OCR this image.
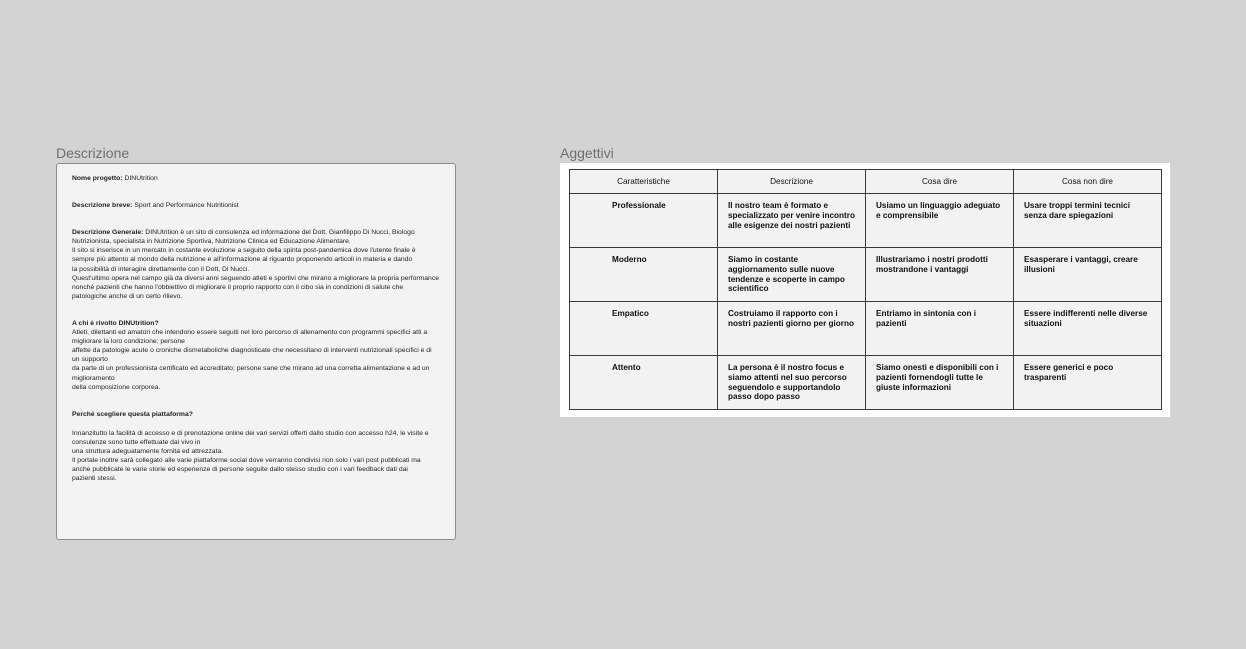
Descrizione	Aggettivi

Nome progetto: DINUtrition

Descrizione breve: Sport and Performance Nutritionist

Descrizione Generale: DINUtrition è un sito di consulenza ed informazione del Dott. Gianfilippo Di Nucci, Biologo Nutrizionista, specialista in Nutrizione Sportiva, Nutrizione Clinica ed Educazione Alimentare.

Il sito si inserisce in un mercato in costante evoluzione a seguito della spinta post-pandemica dove l'utente finale è sempre più attento al mondo della nutrizione e all'informazione al riguardo proponendo articoli in materia e dando

la possibilità di interagire direttamente con il Dott, Di Nucci.

Quest'ultimo opera nel campo già da diversi anni seguendo atleti e sportivi che mirano a migliorare la propria performance nonché pazienti che hanno l'obbiettivo di migliorare il proprio rapporto con il cibo sia in condizioni di salute che patologiche anche di un certo rilievo.

A chi è rivolto DINUtrition?

Atleti, dilettanti ed amatori che intendono essere seguiti nel loro percorso di allenamento con programmi specifici atti a migliorare la loro condizione; persone

affette da patologie acute o croniche dismetaboliche diagnosticate che necessitano di interventi nutrizionali specifici e di un supporto

da parte di un professionista certificato ed accreditato; persone sane che mirano ad una corretta alimentazione e ad un miglioramento

della composizione corporea.

Perché scegliere questa piattaforma?

Innanzitutto la facilità di accesso e di prenotazione online dei vari servizi offerti dallo studio con accesso h24, le visite e consulenze sono tutte effettuate dal vivo in

una struttura adeguatamente fornita ed attrezzata.

Il portale inoltre sarà collegato alle varie piattaforme social dove verranno condivisi non solo i vari post pubblicati ma anche pubblicate le varie storie ed esperienze di persone seguite dallo stesso studio con i vari feedback dati dai

pazienti stessi.

Caratteristiche	Descrizione	Cosa dire	Cosa non dire
Professionale	Il nostro team è formato e specializzato per venire incontro alle esigenze dei nostri pazienti	Usiamo un linguaggio adeguato e comprensibile	Usare troppi termini tecnici senza dare spiegazioni
Moderno	Siamo in costante aggiornamento sulle nuove tendenze e scoperte in campo scientifico	Illustrariamo i nostri prodotti mostrandone i vantaggi	Esasperare i vantaggi, creare illusioni
Empatico	Costruiamo il rapporto con i nostri pazienti giorno per giorno	Entriamo in sintonia con i pazienti	Essere indifferenti nelle diverse situazioni
Attento	La persona è il nostro focus e siamo attenti nel suo percorso seguendolo e supportandolo passo dopo passo	Siamo onesti e disponibili con i pazienti fornendogli tutte le giuste informazioni	Essere generici e poco trasparenti
